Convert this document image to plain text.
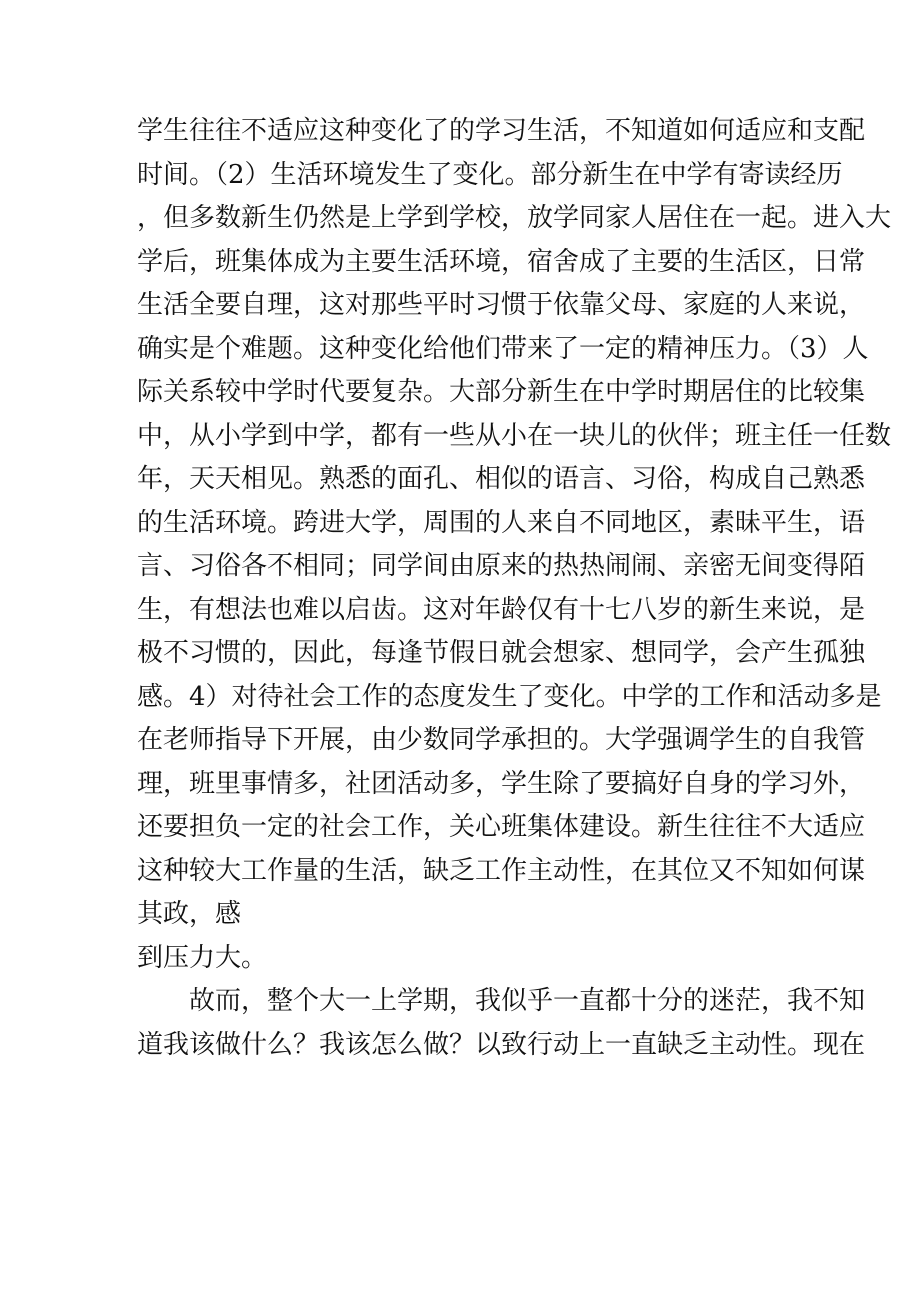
学生往往不适应这种变化了的学习生活，不知道如何适应和支配
时间。（2）生活环境发生了变化。部分新生在中学有寄读经历
，但多数新生仍然是上学到学校，放学同家人居住在一起。进入大
学后，班集体成为主要生活环境，宿舍成了主要的生活区，日常
生活全要自理，这对那些平时习惯于依靠父母、家庭的人来说，
确实是个难题。这种变化给他们带来了一定的精神压力。（3）人
际关系较中学时代要复杂。大部分新生在中学时期居住的比较集
中，从小学到中学，都有一些从小在一块儿的伙伴；班主任一任数
年，天天相见。熟悉的面孔、相似的语言、习俗，构成自己熟悉
的生活环境。跨进大学，周围的人来自不同地区，素昧平生，语
言、习俗各不相同；同学间由原来的热热闹闹、亲密无间变得陌
生，有想法也难以启齿。这对年龄仅有十七八岁的新生来说，是
极不习惯的，因此，每逢节假日就会想家、想同学，会产生孤独
感。4）对待社会工作的态度发生了变化。中学的工作和活动多是
在老师指导下开展，由少数同学承担的。大学强调学生的自我管
理，班里事情多，社团活动多，学生除了要搞好自身的学习外，
还要担负一定的社会工作，关心班集体建设。新生往往不大适应
这种较大工作量的生活，缺乏工作主动性，在其位又不知如何谋
其政，感
到压力大。
故而，整个大一上学期，我似乎一直都十分的迷茫，我不知
道我该做什么？我该怎么做？以致行动上一直缺乏主动性。现在
